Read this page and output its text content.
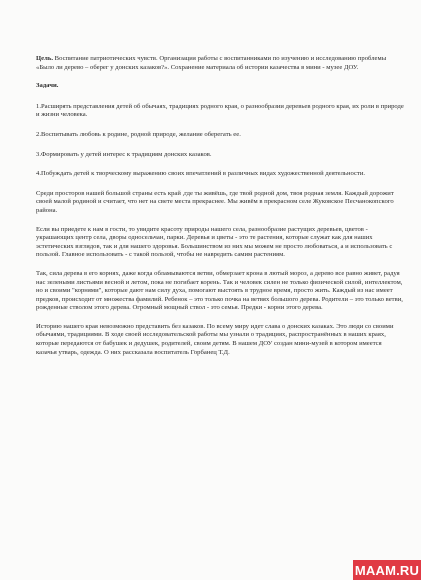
Цель. Воспитание патриотических чувств. Организация работы с воспитанниками по изучению и исследованию проблемы «Было ли дерево – оберег у донских казаков?». Сохранение материала об истории казачества в мини - музее ДОУ.

Задачи.

1.Расширять представления детей об обычаях, традициях родного края, о разнообразии деревьев родного края, их роли в природе и жизни человека.

2.Воспитывать любовь к родине, родной природе, желание оберегать ее.

3.Формировать у детей интерес к традициям донских казаков.

4.Побуждать детей к творческому выражению своих впечатлений в различных видах художественной деятельности.

Среди просторов нашей большой страны есть край ,где ты живёшь, где твой родной дом, твоя родная земля. Каждый дорожит своей малой родиной и считает, что нет на свете места прекраснее. Мы живём в прекрасном селе Жуковское Песчанокопского района.

Если вы приедете к нам в гости, то увидите красоту природы нашего села, разнообразие растущих деревьев, цветов - украшающих центр села, дворы односельчан, парки. Деревья и цветы - это те растения, которые служат как для наших эстетических взглядов, так и для нашего здоровья. Большинством из них мы можем не просто любоваться, а и использовать с пользой. Главное использовать - с такой пользой, чтобы не навредить самим растениям.

Так, сила дерева в его корнях, даже когда обламываются ветви, обмерзает крона в лютый мороз, а дерево все равно живет, радуя нас зелеными листьями весной и летом, пока не погибает корень. Так и человек силен не только физической силой, интеллектом, но и своими "корнями", которые дают нам силу духа, помогают выстоять в трудное время, просто жить. Каждый из нас имеет предков, происходит от множества фамилий. Ребенок – это только почка на ветвях большого дерева. Родители – это только ветви, рожденные стволом этого дерева. Огромный мощный ствол - это семья. Предки - корни этого дерева.

Историю нашего края невозможно представить без казаков. По всему миру идет слава о донских казаках. Это люди со своими обычаями, традициями. В ходе своей исследовательской работы мы узнали о традициях, распространённых в наших краях, которые передаются от бабушек и дедушек, родителей, своим детям. В нашем ДОУ создан мини-музей в котором имеется казачья утварь, одежда. О них рассказала воспитатель Горбанец Т.Д.

MAAM.RU
